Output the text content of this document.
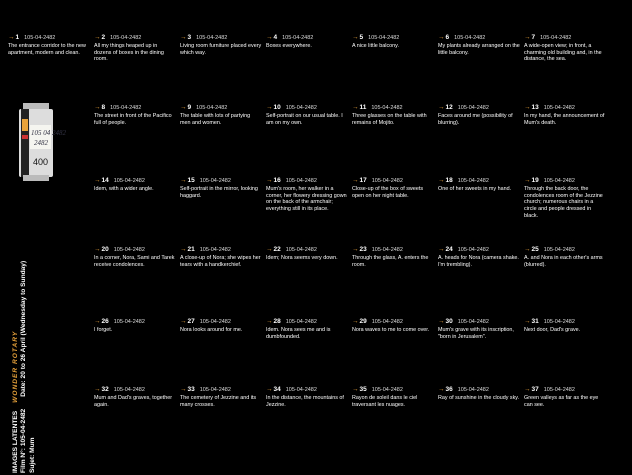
105 04 2482
2482
400
IMAGES LATENTESWONDER ROTARY
Film N°: 105-04-2482Date: 20 to 26 April (Wednesday to Sunday)
Sujet: Mum
→1 105-04-2482
The entrance corridor to the new apartment, modern and clean.
→2 105-04-2482
All my things heaped up in dozens of boxes in the dining room.
→3 105-04-2482
Living room furniture placed every which way.
→4 105-04-2482
Boxes everywhere.
→5 105-04-2482
A nice little balcony.
→6 105-04-2482
My plants already arranged on the little balcony.
→7 105-04-2482
A wide-open view; in front, a charming old building and, in the distance, the sea.
→8 105-04-2482
The street in front of the Pacifico full of people.
→9 105-04-2482
The table with lots of partying men and women.
→10 105-04-2482
Self-portrait on our usual table. I am on my own.
→11 105-04-2482
Three glasses on the table with remains of Mojito.
→12 105-04-2482
Faces around me (possibility of blurring).
→13 105-04-2482
In my hand, the announcement of Mum's death.
→14 105-04-2482
Idem, with a wider angle.
→15 105-04-2482
Self-portrait in the mirror, looking haggard.
→16 105-04-2482
Mum's room, her walker in a corner, her flowery dressing gown on the back of the armchair; everything still in its place.
→17 105-04-2482
Close-up of the box of sweets open on her night table.
→18 105-04-2482
One of her sweets in my hand.
→19 105-04-2482
Through the back door, the condolences room of the Jezzine church; numerous chairs in a circle and people dressed in black.
→20 105-04-2482
In a corner, Nora, Sami and Tarek receive condolences.
→21 105-04-2482
A close-up of Nora; she wipes her tears with a handkerchief.
→22 105-04-2482
Idem; Nora seems very down.
→23 105-04-2482
Through the glass, A. enters the room.
→24 105-04-2482
A. heads for Nora (camera shake. I'm trembling).
→25 105-04-2482
A. and Nora in each other's arms (blurred).
→26 105-04-2482
I forget.
→27 105-04-2482
Nora looks around for me.
→28 105-04-2482
Idem. Nora sees me and is dumbfounded.
→29 105-04-2482
Nora waves to me to come over.
→30 105-04-2482
Mum's grave with its inscription, "born in Jerusalem".
→31 105-04-2482
Next door, Dad's grave.
→32 105-04-2482
Mum and Dad's graves, together again.
→33 105-04-2482
The cemetery of Jezzine and its many crosses.
→34 105-04-2482
In the distance, the mountains of Jezzine.
→35 105-04-2482
Rayon de soleil dans le ciel traversant les nuages.
→36 105-04-2482
Ray of sunshine in the cloudy sky.
→37 105-04-2482
Green valleys as far as the eye can see.
